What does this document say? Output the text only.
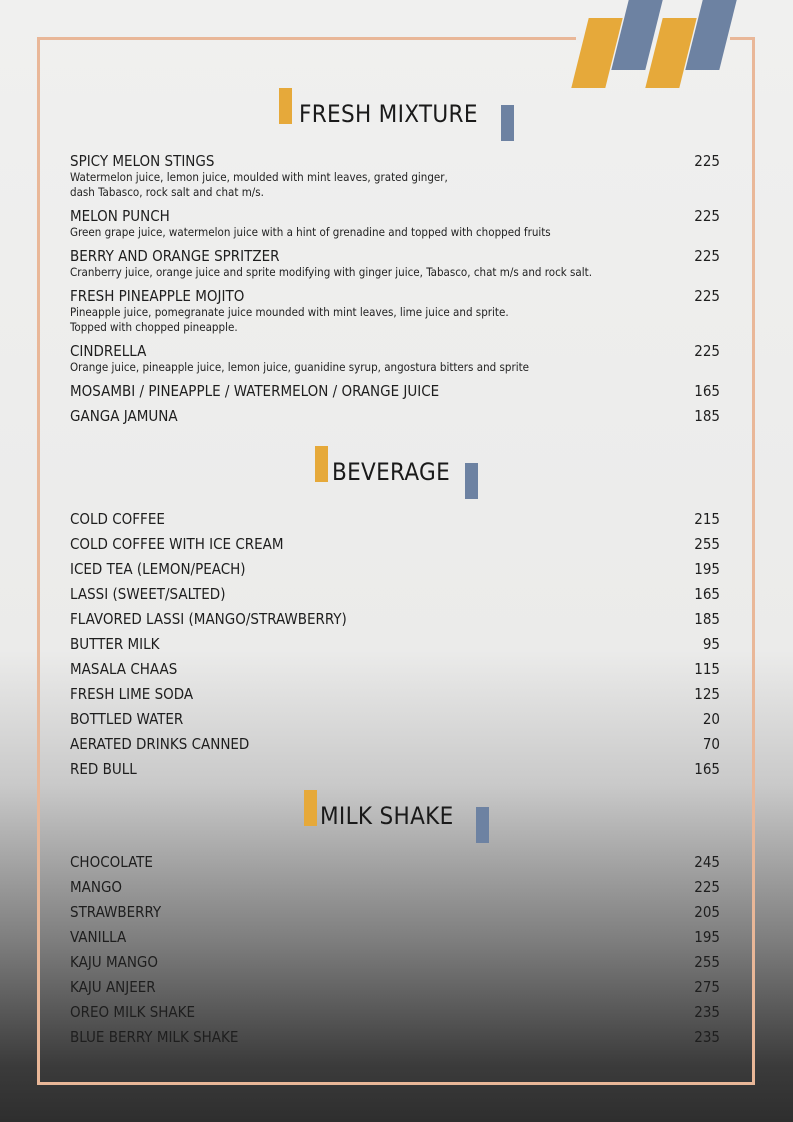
FRESH MIXTURE
SPICY MELON STINGS	225
Watermelon juice, lemon juice, moulded with mint leaves, grated ginger,
dash Tabasco, rock salt and chat m/s.
MELON PUNCH	225
Green grape juice, watermelon juice with a hint of grenadine and topped with chopped fruits
BERRY AND ORANGE SPRITZER	225
Cranberry juice, orange juice and sprite modifying with ginger juice, Tabasco, chat m/s and rock salt.
FRESH PINEAPPLE MOJITO	225
Pineapple juice, pomegranate juice mounded with mint leaves, lime juice and sprite.
Topped with chopped pineapple.
CINDRELLA	225
Orange juice, pineapple juice, lemon juice, guanidine syrup, angostura bitters and sprite
MOSAMBI / PINEAPPLE / WATERMELON / ORANGE JUICE	165
GANGA JAMUNA	185
BEVERAGE
COLD COFFEE	215
COLD COFFEE WITH ICE CREAM	255
ICED TEA (LEMON/PEACH)	195
LASSI (SWEET/SALTED)	165
FLAVORED LASSI (MANGO/STRAWBERRY)	185
BUTTER MILK	95
MASALA CHAAS	115
FRESH LIME SODA	125
BOTTLED WATER	20
AERATED DRINKS CANNED	70
RED BULL	165
MILK SHAKE
CHOCOLATE	245
MANGO	225
STRAWBERRY	205
VANILLA	195
KAJU MANGO	255
KAJU ANJEER	275
OREO MILK SHAKE	235
BLUE BERRY MILK SHAKE	235
